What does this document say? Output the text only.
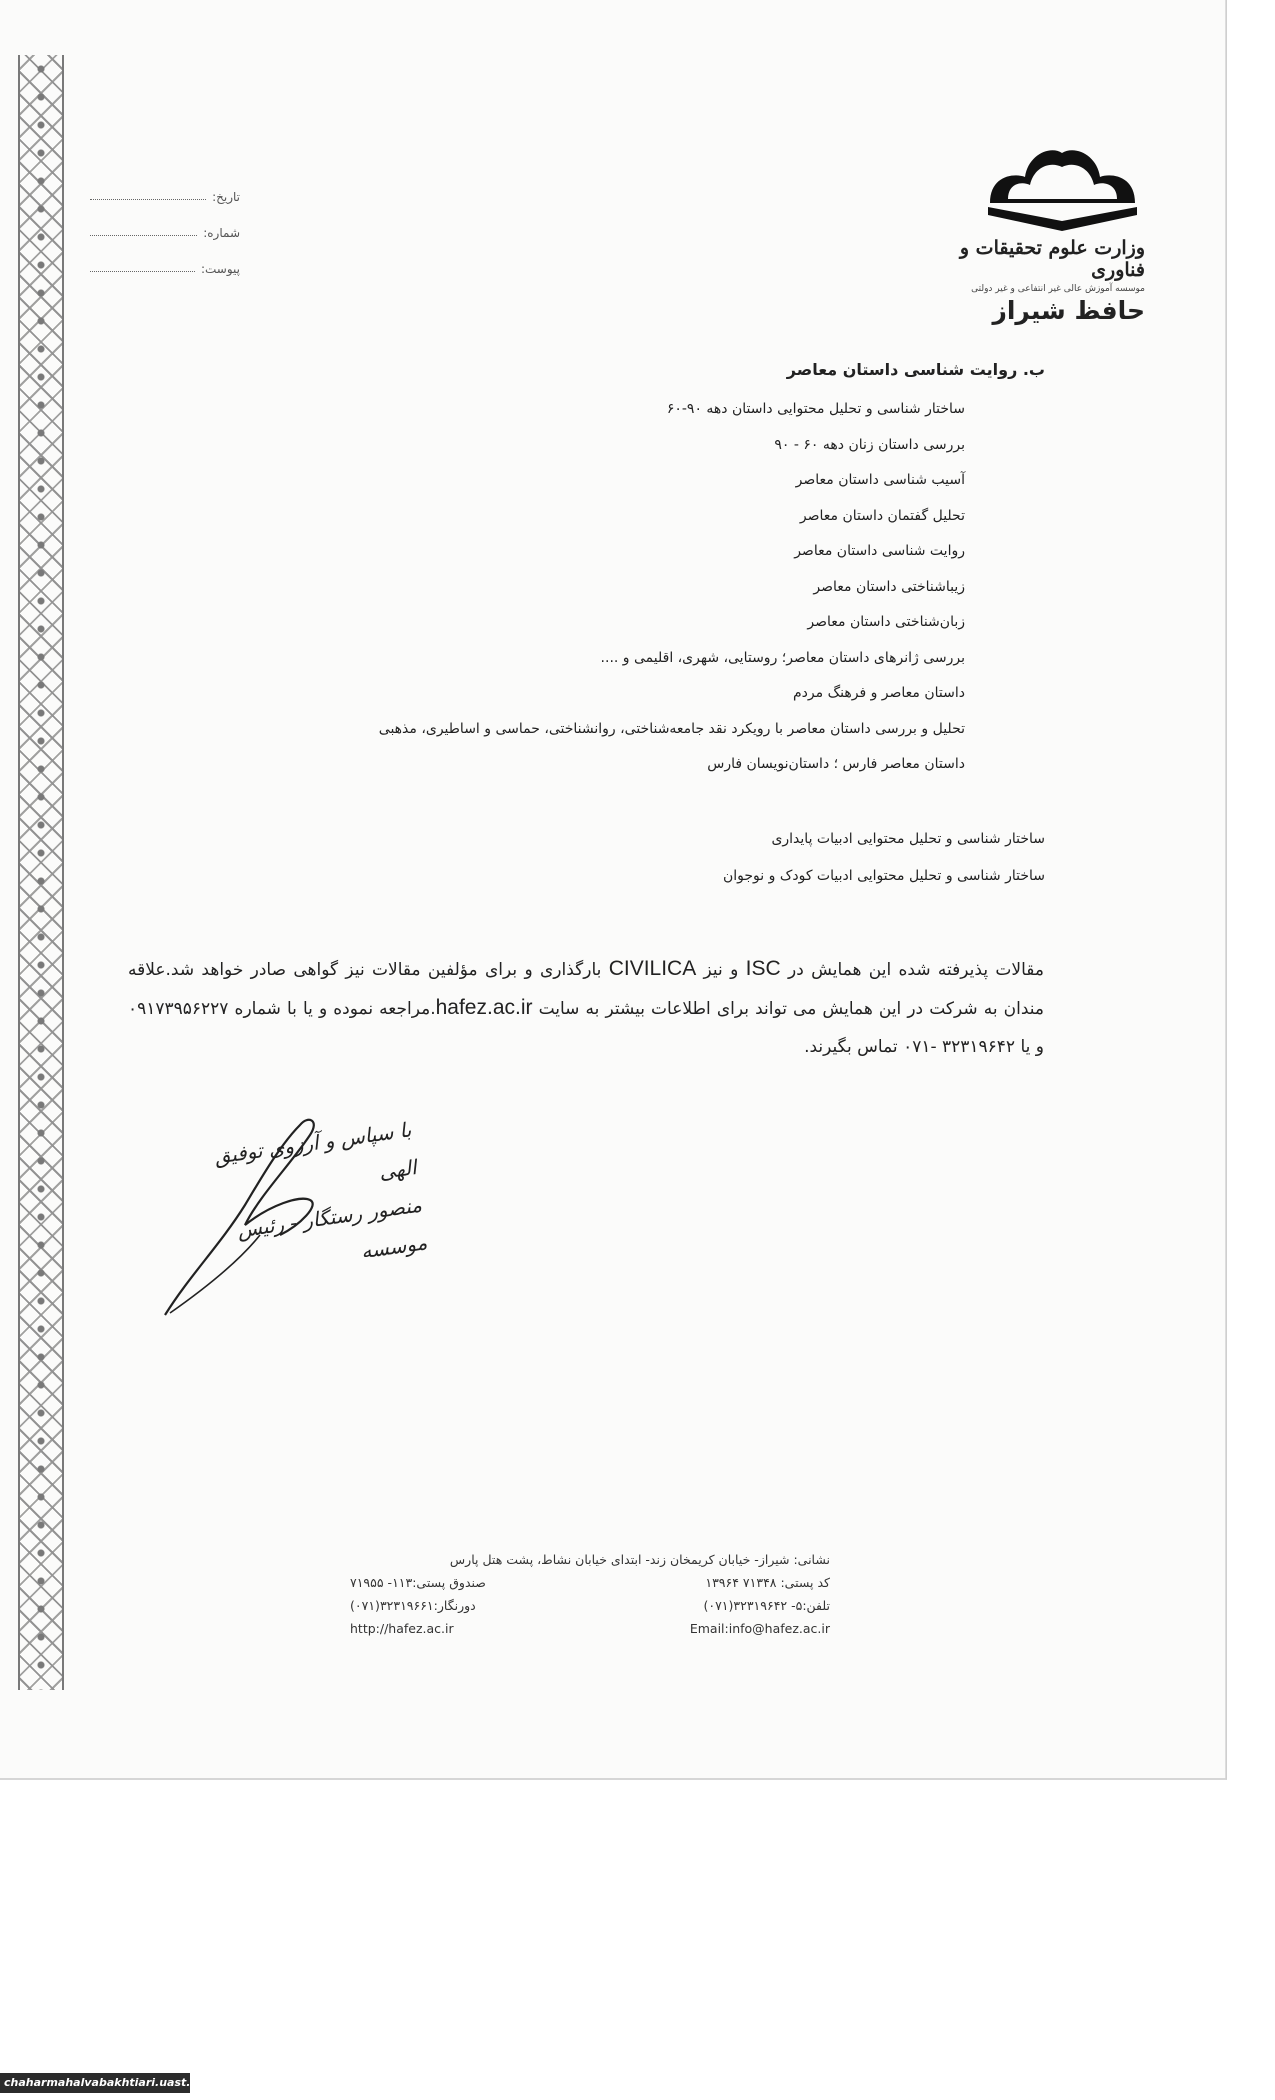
تاریخ:
شماره:
پیوست:
وزارت علوم تحقیقات و فناوری
موسسه آموزش عالی غیر انتفاعی و غیر دولتی
حافظ شیراز
ب. روایت شناسی داستان معاصر
ساختار شناسی و تحلیل محتوایی داستان دهه ۹۰-۶۰
بررسی داستان زنان دهه ۶۰ - ۹۰
آسیب شناسی داستان معاصر
تحلیل گفتمان داستان معاصر
روایت شناسی داستان معاصر
زیباشناختی داستان معاصر
زبان‌شناختی داستان معاصر
بررسی ژانرهای داستان معاصر؛ روستایی، شهری، اقلیمی و ....
داستان معاصر و فرهنگ مردم
تحلیل و بررسی داستان معاصر با رویکرد نقد جامعه‌شناختی، روانشناختی، حماسی و اساطیری، مذهبی
داستان معاصر فارس ؛ داستان‌نویسان فارس
ساختار شناسی و تحلیل محتوایی ادبیات پایداری
ساختار شناسی و تحلیل محتوایی ادبیات کودک و نوجوان
مقالات پذیرفته شده این همایش در ISC و نیز CIVILICA بارگذاری و برای مؤلفین مقالات نیز گواهی صادر خواهد شد.علاقه مندان به شرکت در این همایش می تواند برای اطلاعات بیشتر به سایت hafez.ac.ir.مراجعه نموده و یا با شماره ۰۹۱۷۳۹۵۶۲۲۷ و یا ۳۲۳۱۹۶۴۲ -۰۷۱ تماس بگیرند.
با سپاس و آرزوی توفیق الهی
منصور رستگار - رئیس موسسه
نشانی: شیراز- خیابان کریمخان زند- ابتدای خیابان نشاط، پشت هتل پارس
کد پستی: ۷۱۳۴۸ ۱۳۹۶۴
صندوق پستی:۱۱۳- ۷۱۹۵۵
تلفن:۵- ۳۲۳۱۹۶۴۲(۰۷۱)
دورنگار:۳۲۳۱۹۶۶۱(۰۷۱)
Email:info@hafez.ac.ir
http://hafez.ac.ir
chaharmahalvabakhtiari.uast.ac.ir
